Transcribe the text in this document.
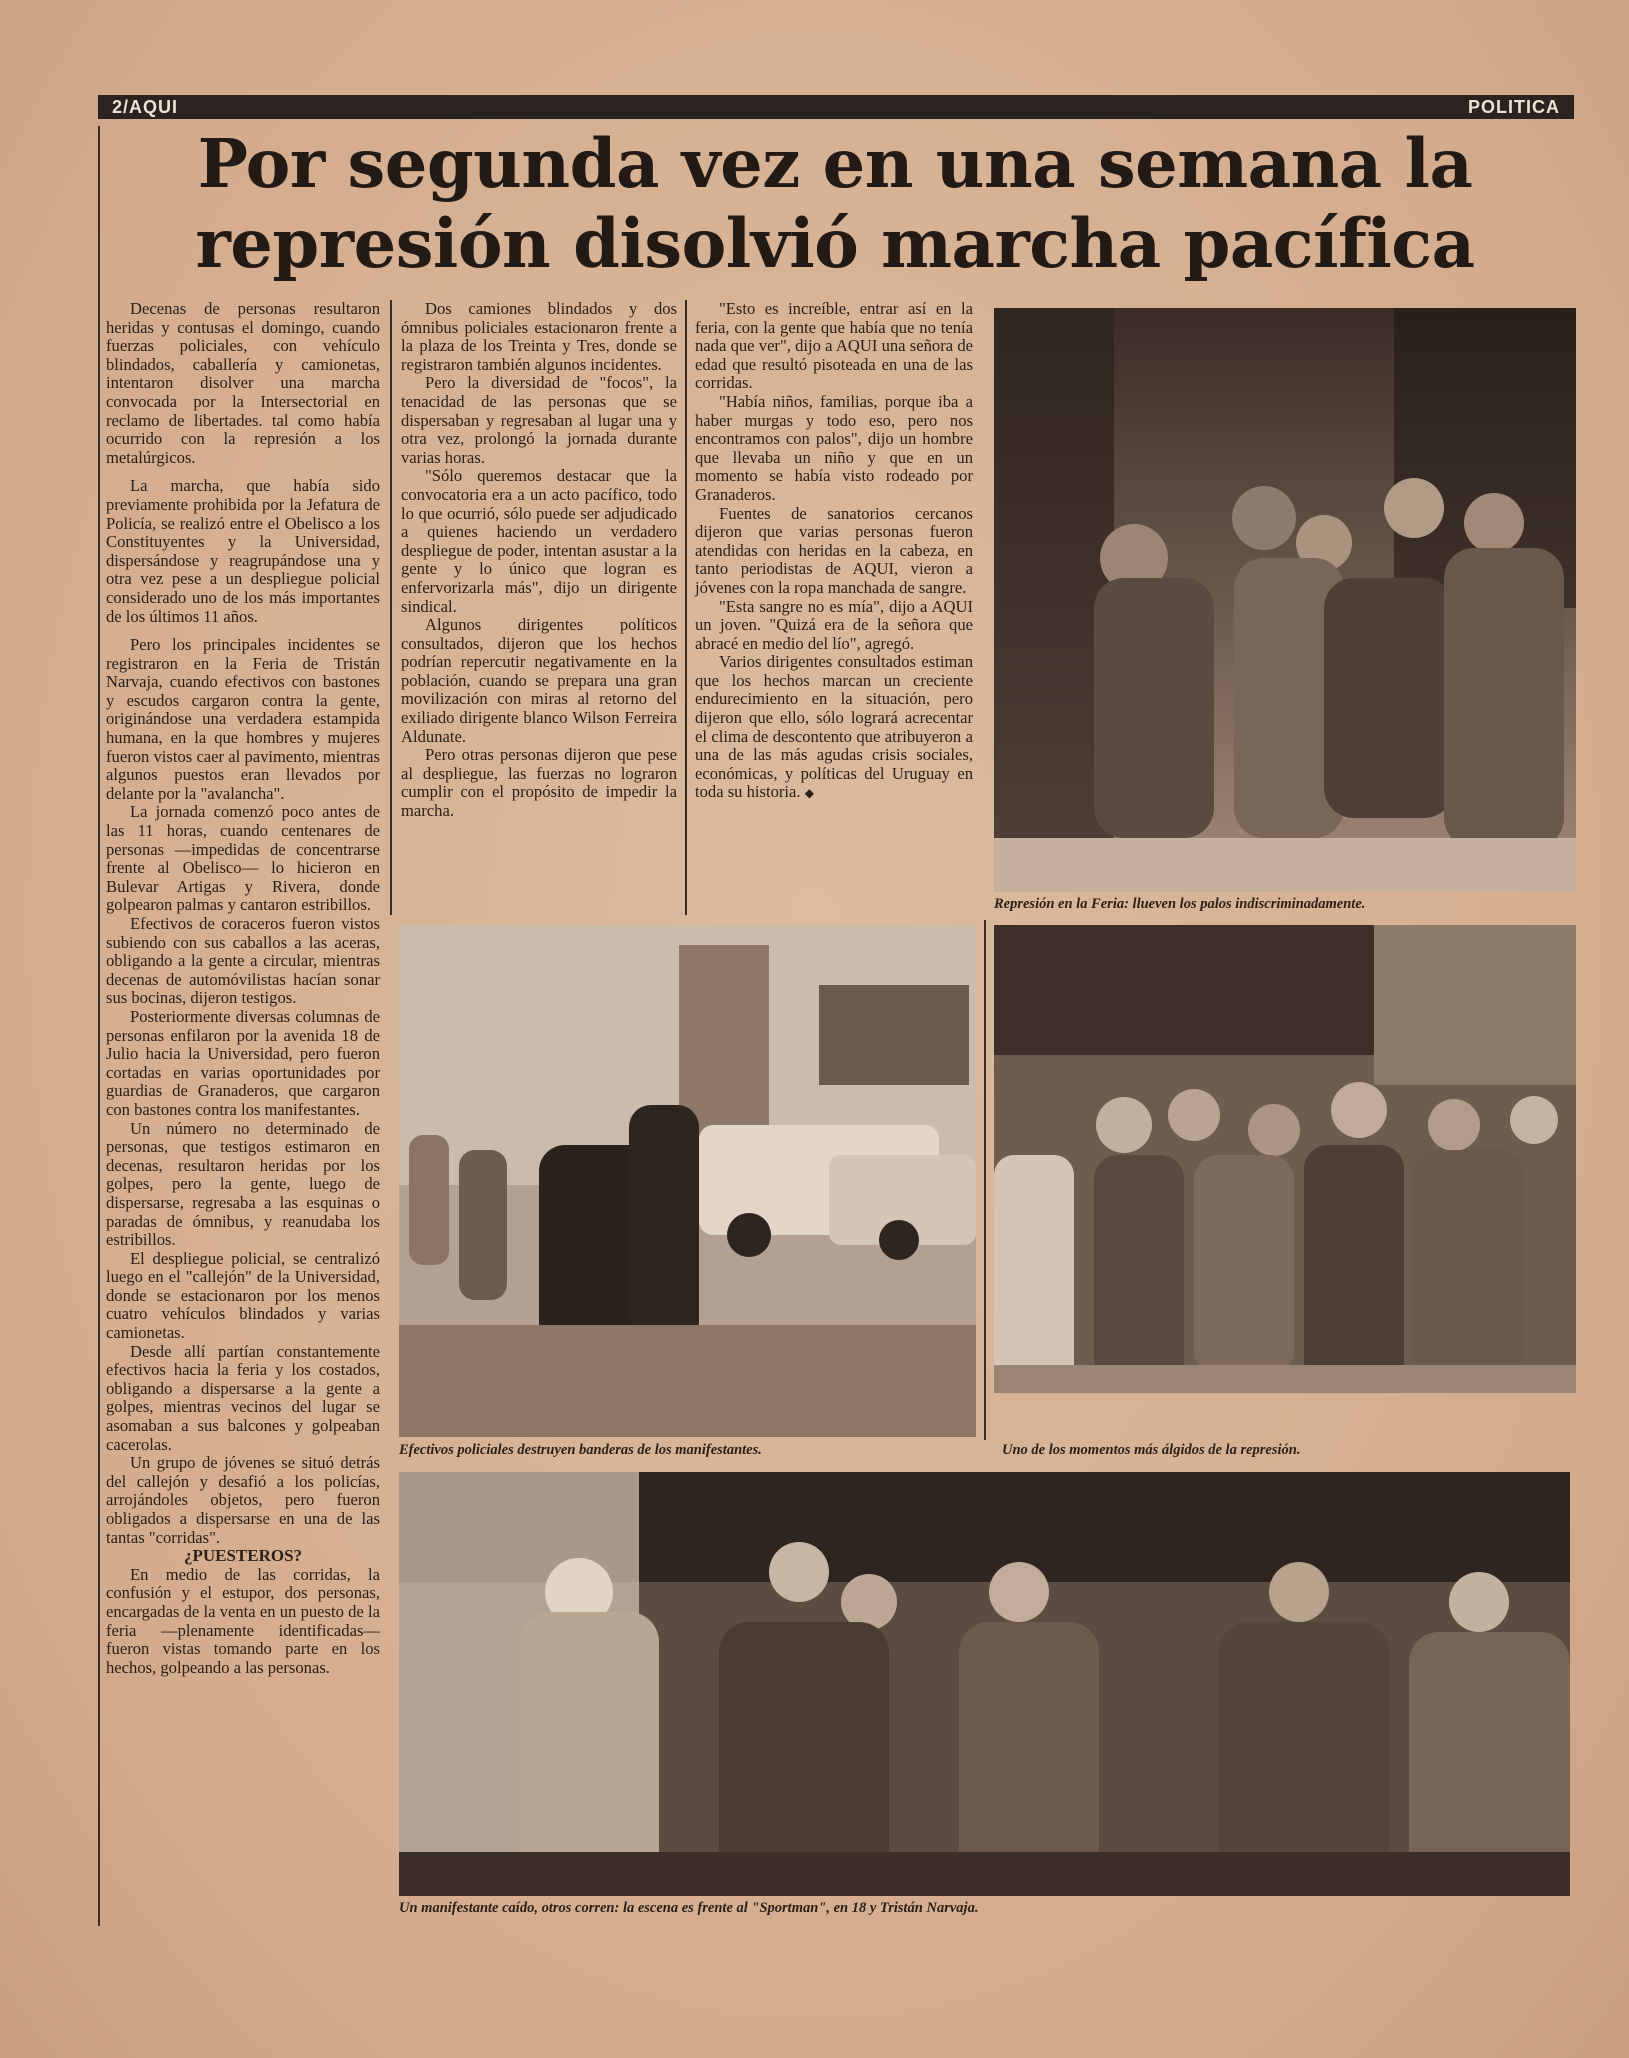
2/AQUI	POLITICA
Por segunda vez en una semana la
represión disolvió marcha pacífica

Decenas de personas resultaron heridas y contusas el domingo, cuando fuerzas policiales, con vehículo blindados, caballería y camionetas, intentaron disolver una marcha convocada por la Intersectorial en reclamo de libertades. tal como había ocurrido con la represión a los metalúrgicos.

La marcha, que había sido previamente prohibida por la Jefatura de Policía, se realizó entre el Obelisco a los Constituyentes y la Universidad, dispersándose y reagrupándose una y otra vez pese a un despliegue policial considerado uno de los más importantes de los últimos 11 años.

Pero los principales incidentes se registraron en la Feria de Tristán Narvaja, cuando efectivos con bastones y escudos cargaron contra la gente, originándose una verdadera estampida humana, en la que hombres y mujeres fueron vistos caer al pavimento, mientras algunos puestos eran llevados por delante por la "avalancha".

La jornada comenzó poco antes de las 11 horas, cuando centenares de personas —impedidas de concentrarse frente al Obelisco— lo hicieron en Bulevar Artigas y Rivera, donde golpearon palmas y cantaron estribillos.

Efectivos de coraceros fueron vistos subiendo con sus caballos a las aceras, obligando a la gente a circular, mientras decenas de automóvilistas hacían sonar sus bocinas, dijeron testigos.

Posteriormente diversas columnas de personas enfilaron por la avenida 18 de Julio hacia la Universidad, pero fueron cortadas en varias oportunidades por guardias de Granaderos, que cargaron con bastones contra los manifestantes.

Un número no determinado de personas, que testigos estimaron en decenas, resultaron heridas por los golpes, pero la gente, luego de dispersarse, regresaba a las esquinas o paradas de ómnibus, y reanudaba los estribillos.

El despliegue policial, se centralizó luego en el "callejón" de la Universidad, donde se estacionaron por los menos cuatro vehículos blindados y varias camionetas.

Desde allí partían constantemente efectivos hacia la feria y los costados, obligando a dispersarse a la gente a golpes, mientras vecinos del lugar se asomaban a sus balcones y golpeaban cacerolas.

Un grupo de jóvenes se situó detrás del callejón y desafió a los policías, arrojándoles objetos, pero fueron obligados a dispersarse en una de las tantas "corridas".

¿PUESTEROS?

En medio de las corridas, la confusión y el estupor, dos personas, encargadas de la venta en un puesto de la feria —plenamente identificadas— fueron vistas tomando parte en los hechos, golpeando a las personas.

Dos camiones blindados y dos ómnibus policiales estacionaron frente a la plaza de los Treinta y Tres, donde se registraron también algunos incidentes.

Pero la diversidad de "focos", la tenacidad de las personas que se dispersaban y regresaban al lugar una y otra vez, prolongó la jornada durante varias horas.

"Sólo queremos destacar que la convocatoria era a un acto pacífico, todo lo que ocurrió, sólo puede ser adjudicado a quienes haciendo un verdadero despliegue de poder, intentan asustar a la gente y lo único que logran es enfervorizarla más", dijo un dirigente sindical.

Algunos dirigentes políticos consultados, dijeron que los hechos podrían repercutir negativamente en la población, cuando se prepara una gran movilización con miras al retorno del exiliado dirigente blanco Wilson Ferreira Aldunate.

Pero otras personas dijeron que pese al despliegue, las fuerzas no lograron cumplir con el propósito de impedir la marcha.

"Esto es increíble, entrar así en la feria, con la gente que había que no tenía nada que ver", dijo a AQUI una señora de edad que resultó pisoteada en una de las corridas.

"Había niños, familias, porque iba a haber murgas y todo eso, pero nos encontramos con palos", dijo un hombre que llevaba un niño y que en un momento se había visto rodeado por Granaderos.

Fuentes de sanatorios cercanos dijeron que varias personas fueron atendidas con heridas en la cabeza, en tanto periodistas de AQUI, vieron a jóvenes con la ropa manchada de sangre.

"Esta sangre no es mía", dijo a AQUI un joven. "Quizá era de la señora que abracé en medio del lío", agregó.

Varios dirigentes consultados estiman que los hechos marcan un creciente endurecimiento en la situación, pero dijeron que ello, sólo logrará acrecentar el clima de descontento que atribuyeron a una de las más agudas crisis sociales, económicas, y políticas del Uruguay en toda su historia. ◆

Represión en la Feria: llueven los palos indiscriminadamente.
Efectivos policiales destruyen banderas de los manifestantes.	Uno de los momentos más álgidos de la represión.
Un manifestante caído, otros corren: la escena es frente al "Sportman", en 18 y Tristán Narvaja.
